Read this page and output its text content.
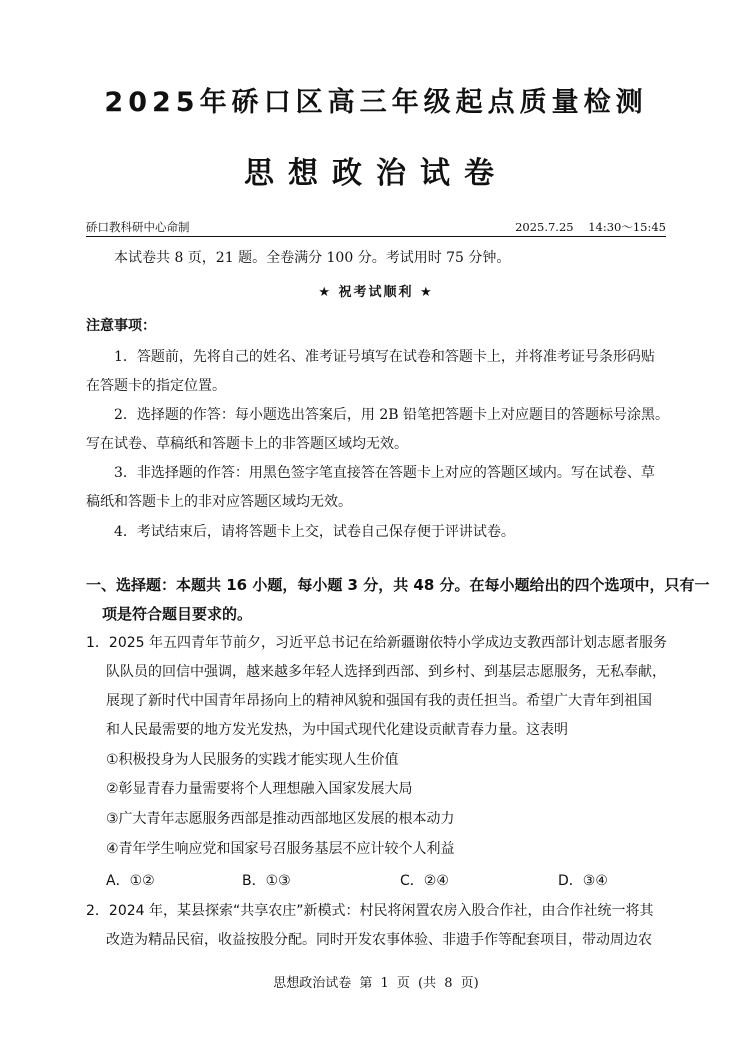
2025年硚口区高三年级起点质量检测
思想政治试卷
硚口教科研中心命制	2025.7.25    14:30～15:45
本试卷共 8 页，21 题。全卷满分 100 分。考试用时 75 分钟。
★ 祝考试顺利 ★
注意事项：
1．答题前，先将自己的姓名、准考证号填写在试卷和答题卡上，并将准考证号条形码贴
在答题卡的指定位置。
2．选择题的作答：每小题选出答案后，用 2B 铅笔把答题卡上对应题目的答题标号涂黑。
写在试卷、草稿纸和答题卡上的非答题区域均无效。
3．非选择题的作答：用黑色签字笔直接答在答题卡上对应的答题区域内。写在试卷、草
稿纸和答题卡上的非对应答题区域均无效。
4．考试结束后，请将答题卡上交，试卷自己保存便于评讲试卷。
一、选择题：本题共 16 小题，每小题 3 分，共 48 分。在每小题给出的四个选项中，只有一
项是符合题目要求的。
1．2025 年五四青年节前夕，习近平总书记在给新疆谢依特小学成边支教西部计划志愿者服务
队队员的回信中强调，越来越多年轻人选择到西部、到乡村、到基层志愿服务，无私奉献，
展现了新时代中国青年昂扬向上的精神风貌和强国有我的责任担当。希望广大青年到祖国
和人民最需要的地方发光发热，为中国式现代化建设贡献青春力量。这表明
①积极投身为人民服务的实践才能实现人生价值
②彰显青春力量需要将个人理想融入国家发展大局
③广大青年志愿服务西部是推动西部地区发展的根本动力
④青年学生响应党和国家号召服务基层不应计较个人利益
A．①②	B．①③	C．②④	D．③④
2．2024 年，某县探索“共享农庄”新模式：村民将闲置农房入股合作社，由合作社统一将其
改造为精品民宿，收益按股分配。同时开发农事体验、非遗手作等配套项目，带动周边农
思想政治试卷 第 1 页 (共 8 页)
